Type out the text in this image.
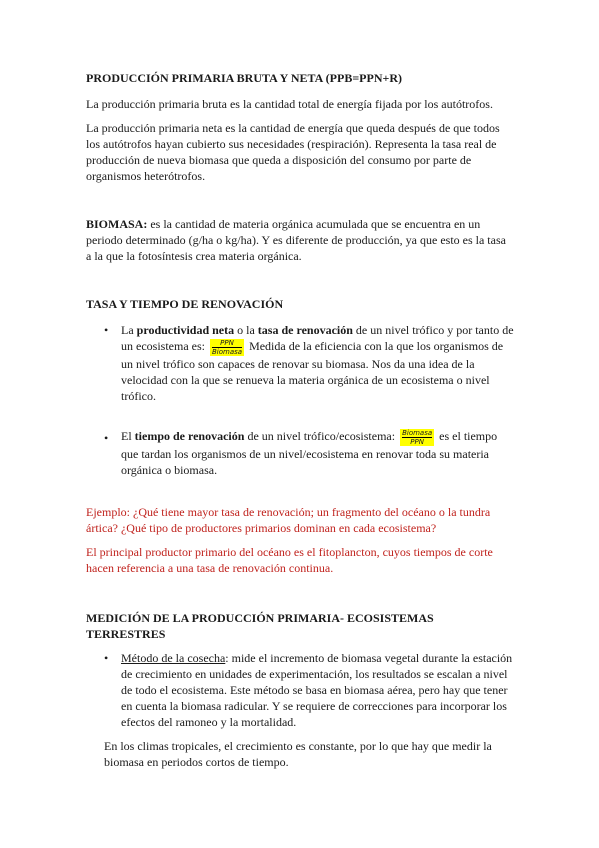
PRODUCCIÓN PRIMARIA BRUTA Y NETA (PPB=PPN+R)

La producción primaria bruta es la cantidad total de energía fijada por los autótrofos.

La producción primaria neta es la cantidad de energía que queda después de que todos los autótrofos hayan cubierto sus necesidades (respiración). Representa la tasa real de producción de nueva biomasa que queda a disposición del consumo por parte de organismos heterótrofos.

BIOMASA: es la cantidad de materia orgánica acumulada que se encuentra en un periodo determinado (g/ha o kg/ha). Y es diferente de producción, ya que esto es la tasa a la que la fotosíntesis crea materia orgánica.

TASA Y TIEMPO DE RENOVACIÓN

• La productividad neta o la tasa de renovación de un nivel trófico y por tanto de un ecosistema es: $\frac{\text{PPN}}{\text{Biomasa}}$ Medida de la eficiencia con la que los organismos de un nivel trófico son capaces de renovar su biomasa. Nos da una idea de la velocidad con la que se renueva la materia orgánica de un ecosistema o nivel trófico.

• El tiempo de renovación de un nivel trófico/ecosistema: $\frac{\text{Biomasa}}{\text{PPN}}$ es el tiempo que tardan los organismos de un nivel/ecosistema en renovar toda su materia orgánica o biomasa.

Ejemplo: ¿Qué tiene mayor tasa de renovación; un fragmento del océano o la tundra ártica? ¿Qué tipo de productores primarios dominan en cada ecosistema?

El principal productor primario del océano es el fitoplancton, cuyos tiempos de corte hacen referencia a una tasa de renovación continua.

MEDICIÓN DE LA PRODUCCIÓN PRIMARIA- ECOSISTEMAS TERRESTRES

• Método de la cosecha: mide el incremento de biomasa vegetal durante la estación de crecimiento en unidades de experimentación, los resultados se escalan a nivel de todo el ecosistema. Este método se basa en biomasa aérea, pero hay que tener en cuenta la biomasa radicular. Y se requiere de correcciones para incorporar los efectos del ramoneo y la mortalidad.

En los climas tropicales, el crecimiento es constante, por lo que hay que medir la biomasa en periodos cortos de tiempo.
